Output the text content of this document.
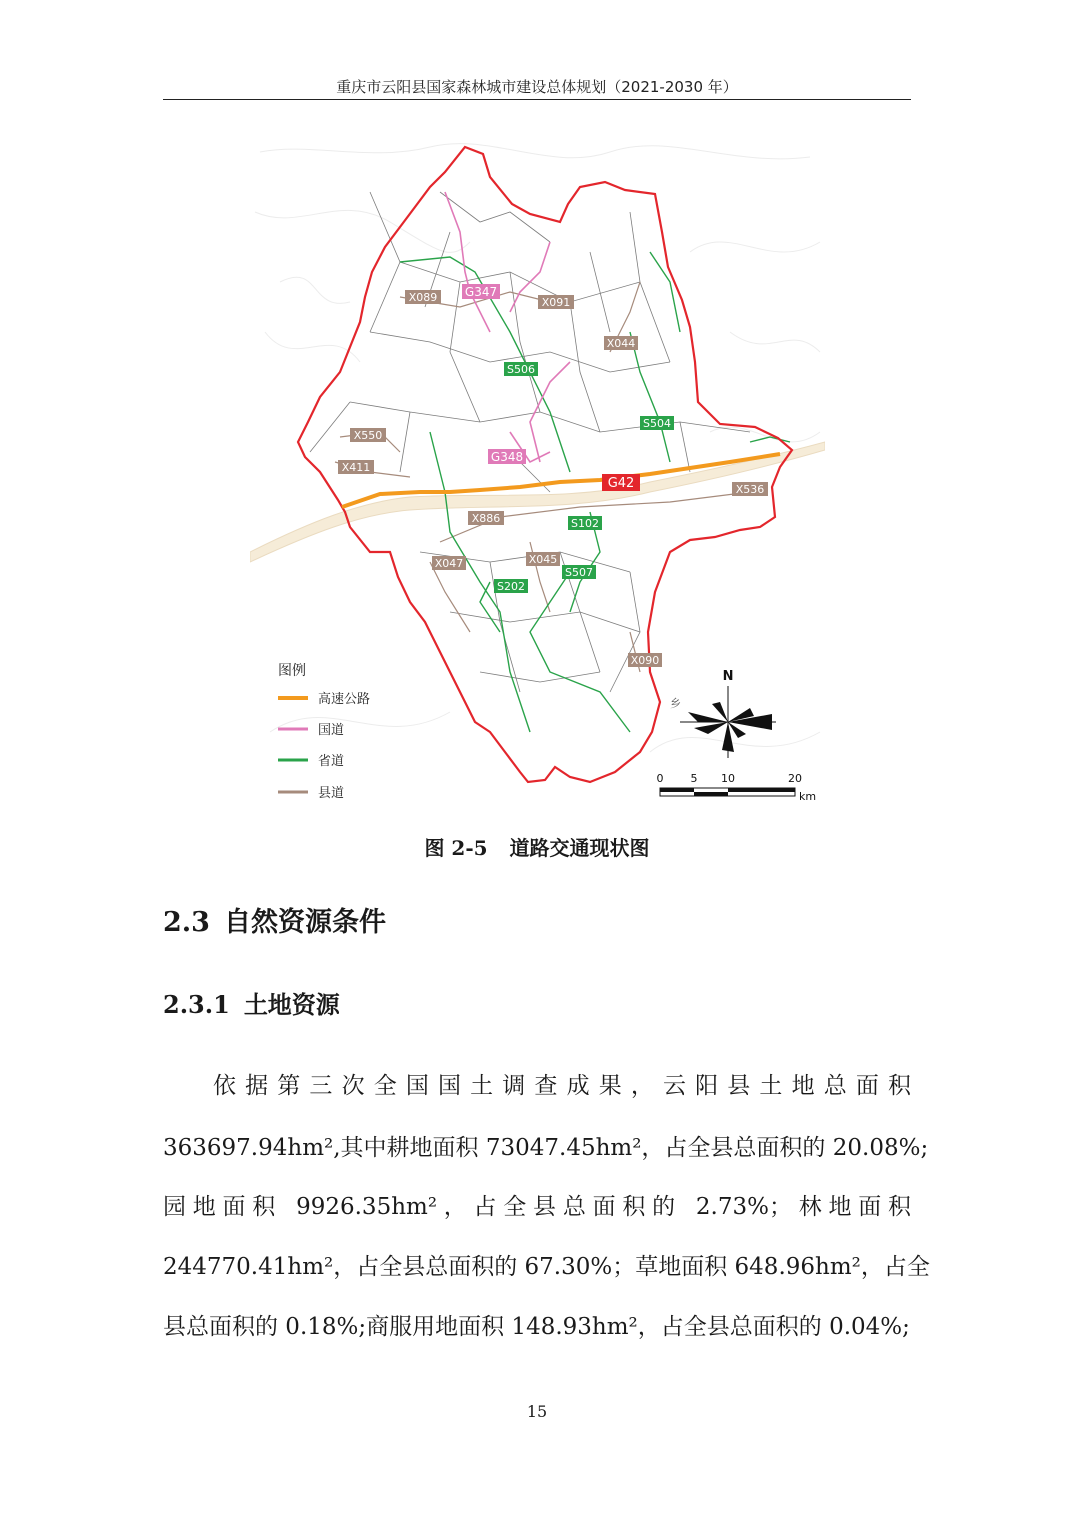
重庆市云阳县国家森林城市建设总体规划（2021-2030 年）
X089 G347
X091
X044
S506
S504
X550
G348
X411
G42	X536
X886	S102
X047	X045
S507
S202
X090
图例
高速公路
国道
省道
县道
乡
N
0 5 10	20
km
图 2-5 道路交通现状图
2.3 自然资源条件
2.3.1 土地资源
依据第三次全国国土调查成果，云阳县土地总面积
363697.94hm²,其中耕地面积 73047.45hm²，占全县总面积的 20.08%;
园地面积 9926.35hm²，占全县总面积的 2.73%；林地面积
244770.41hm²，占全县总面积的 67.30%；草地面积 648.96hm²，占全
县总面积的 0.18%;商服用地面积 148.93hm²，占全县总面积的 0.04%;
15
